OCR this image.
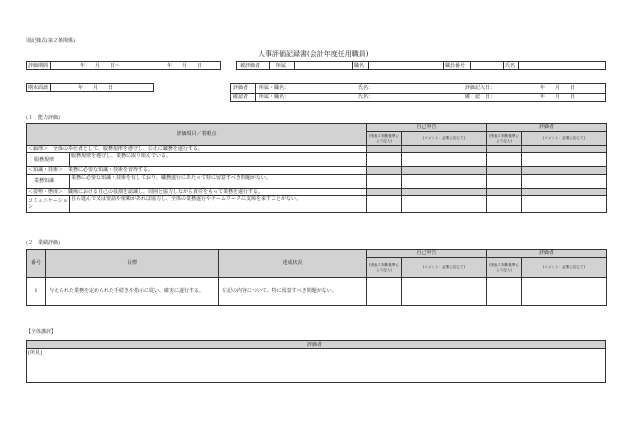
別記様式(第２条関係)
人事評価記録書(会計年度任用職員)
評価期間	年　　月　　日～	年　　月　　日	被評価者	所属	職名	職員番号	氏名
期末面談	年　　月　　日	評価者 所属・職名：	氏名：	評価記入日：	年　　月　　日
確認者 所属・職名：	氏名：	確　認　日：	年　　月　　日
(１　能力評価)
評価項目／着眼点		自己申告		評価者	
		(別表２判断基準により記入)	(コメント：必要に応じて)	(別表２判断基準により記入)	(コメント：必要に応じて)
＜倫理＞　全体の奉仕者として、服務規律を遵守し、公正に職務を遂行する。					
服務規律	服務規律を遵守し、業務に取り組んでいる。				
＜知識・技術＞　業務に必要な知識・技術を習得する。					
業務知識	業務に必要な知識・技術を有しており、職務遂行にあたって特に留意すべき問題がない。				
＜姿勢・態度＞　職場における自己の役割を認識し、周囲と協力しながら責任をもって業務を遂行する。					
コミュニケーション	自ら進んで又は要請や依頼があれば協力し、全体の業務遂行やチームワークに支障を来すことがない。				
(２　業績評価)
番号	目標	達成状況	自己申告		評価者	
			(別表２判断基準により記入)	(コメント：必要に応じて)	(別表２判断基準により記入)	(コメント：必要に応じて)
1	与えられた業務を定められた手続きや指示に従い、確実に遂行する。	左記の内容について、特に留意すべき問題がない。				
【全体講評】
評価者
[所見]
